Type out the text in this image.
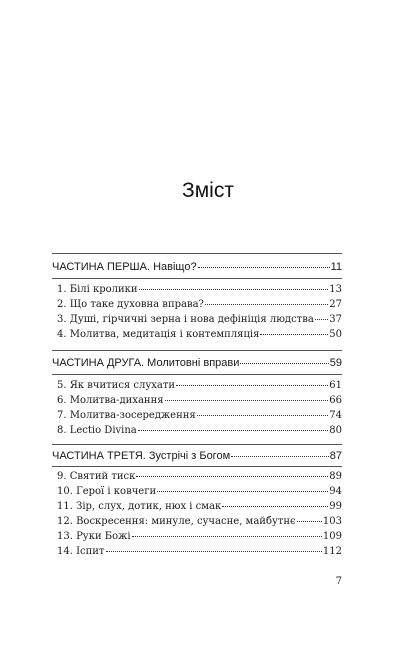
Зміст
ЧАСТИНА ПЕРША. Навіщо?	11
1. Білі кролики	13
2. Що таке духовна вправа?	27
3. Душі, гірчичні зерна і нова дефініція людства 37
4. Молитва, медитація і контемпляція	50
ЧАСТИНА ДРУГА. Молитовні вправи	59
5. Як вчитися слухати	61
6. Молитва-дихання	66
7. Молитва-зосередження	74
8. Lectio Divina	80
ЧАСТИНА ТРЕТЯ. Зустрічі з Богом	87
9. Святий тиск	89
10. Герої і ковчеги	94
11. Зір, слух, дотик, нюх і смак	99
12. Воскресення: минуле, сучасне, майбутнє	103
13. Руки Божі	109
14. Іспит	112
7
